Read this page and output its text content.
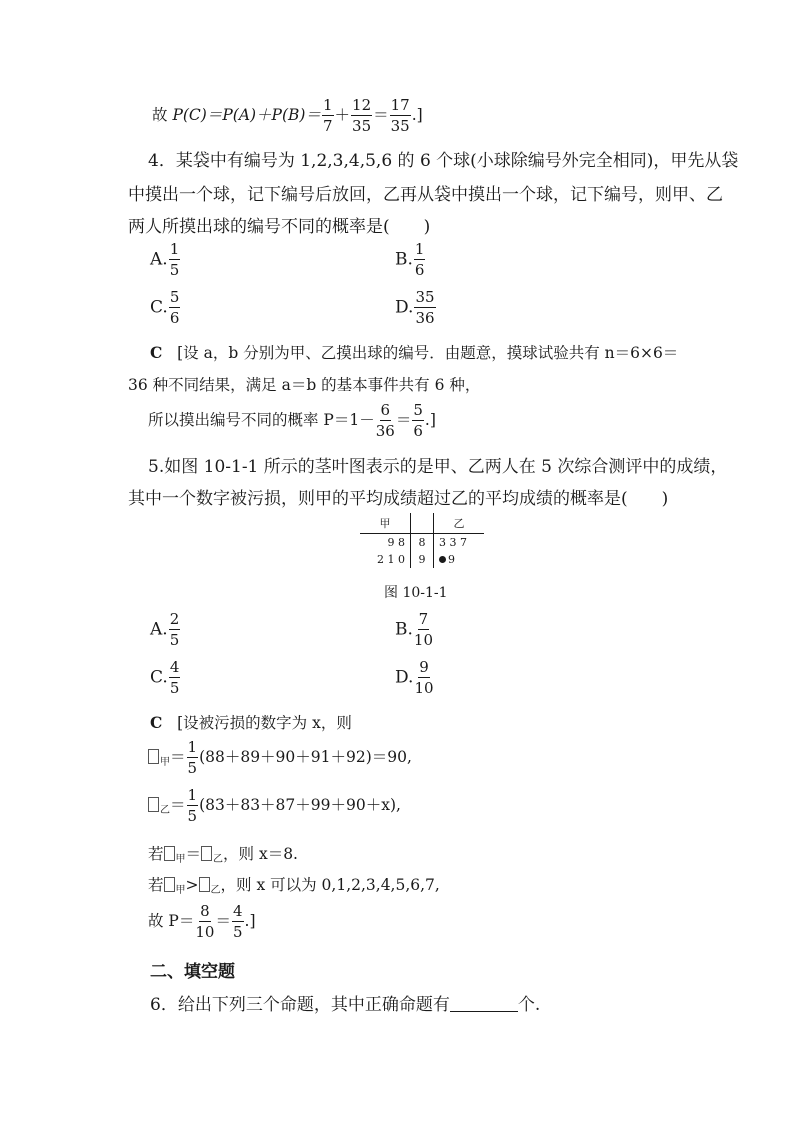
故 $P(C)=P(A)+P(B)= \frac{1}{7} + \frac{12}{35} = \frac{17}{35}$ .]
4．某袋中有编号为 1,2,3,4,5,6 的 6 个球(小球除编号外完全相同)，甲先从袋
中摸出一个球，记下编号后放回，乙再从袋中摸出一个球，记下编号，则甲、乙
两人所摸出球的编号不同的概率是(　　)
A. $\frac{1}{5}$	B. $\frac{1}{6}$
C. $\frac{5}{6}$	D. $\frac{35}{36}$
C [设 a，b 分别为甲、乙摸出球的编号．由题意，摸球试验共有 n＝6×6＝
36 种不同结果，满足 a＝b 的基本事件共有 6 种，
所以摸出编号不同的概率 $P=1- \frac{6}{36} = \frac{5}{6}$ .]
5.如图 10-1-1 所示的茎叶图表示的是甲、乙两人在 5 次综合测评中的成绩，
其中一个数字被污损，则甲的平均成绩超过乙的平均成绩的概率是(　　)
甲		乙
9 8	8	3 3 7
2 1 0	9	9
图 10-1-1
A. $\frac{2}{5}$	B. $\frac{7}{10}$
C. $\frac{4}{5}$	D. $\frac{9}{10}$
C [设被污损的数字为 x，则
$_甲= \frac{1}{5} (88+89+90+91+92)=90$,
$_乙= \frac{1}{5} (83+83+87+99+90+x)$,
若 $_甲$＝ $_乙$，则 x＝8.
若 $_甲$> $_乙$，则 x 可以为 0,1,2,3,4,5,6,7,
故 $P= \frac{8}{10} = \frac{4}{5}$ .]
二、填空题
6．给出下列三个命题，其中正确命题有	个.
